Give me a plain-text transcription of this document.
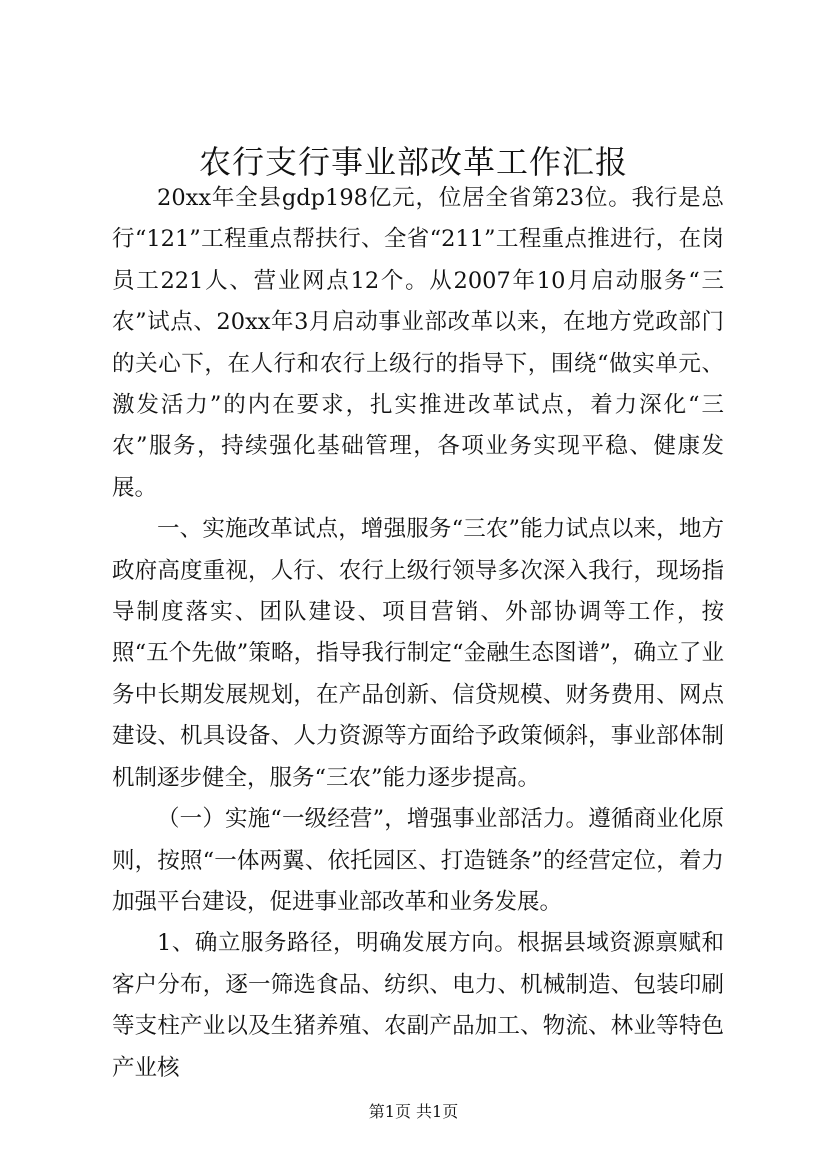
农行支行事业部改革工作汇报

20xx年全县gdp198亿元，位居全省第23位。我行是总行“121”工程重点帮扶行、全省“211”工程重点推进行，在岗员工221人、营业网点12个。从2007年10月启动服务“三农”试点、20xx年3月启动事业部改革以来，在地方党政部门的关心下，在人行和农行上级行的指导下，围绕“做实单元、激发活力”的内在要求，扎实推进改革试点，着力深化“三农”服务，持续强化基础管理，各项业务实现平稳、健康发展。

一、实施改革试点，增强服务“三农”能力试点以来，地方政府高度重视，人行、农行上级行领导多次深入我行，现场指导制度落实、团队建设、项目营销、外部协调等工作，按照“五个先做”策略，指导我行制定“金融生态图谱”，确立了业务中长期发展规划，在产品创新、信贷规模、财务费用、网点建设、机具设备、人力资源等方面给予政策倾斜，事业部体制机制逐步健全，服务“三农”能力逐步提高。

（一）实施“一级经营”，增强事业部活力。遵循商业化原则，按照“一体两翼、依托园区、打造链条”的经营定位，着力加强平台建设，促进事业部改革和业务发展。

1、确立服务路径，明确发展方向。根据县域资源禀赋和客户分布，逐一筛选食品、纺织、电力、机械制造、包装印刷等支柱产业以及生猪养殖、农副产品加工、物流、林业等特色产业核

第1页 共1页
